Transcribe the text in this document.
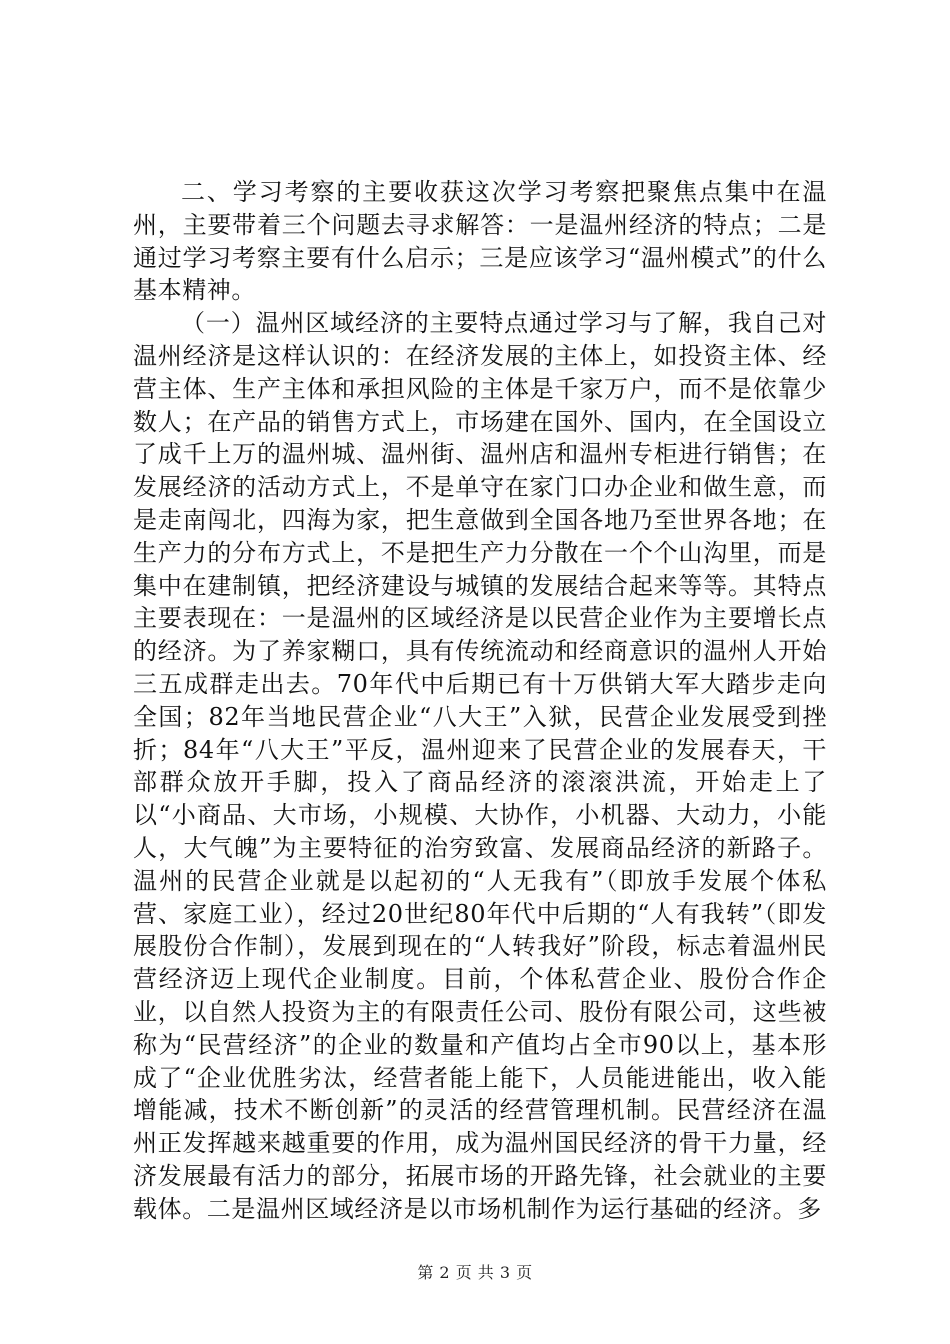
二、学习考察的主要收获这次学习考察把聚焦点集中在温州，主要带着三个问题去寻求解答：一是温州经济的特点；二是通过学习考察主要有什么启示；三是应该学习“温州模式”的什么基本精神。

（一）温州区域经济的主要特点通过学习与了解，我自己对温州经济是这样认识的：在经济发展的主体上，如投资主体、经营主体、生产主体和承担风险的主体是千家万户，而不是依靠少数人；在产品的销售方式上，市场建在国外、国内，在全国设立了成千上万的温州城、温州街、温州店和温州专柜进行销售；在发展经济的活动方式上，不是单守在家门口办企业和做生意，而是走南闯北，四海为家，把生意做到全国各地乃至世界各地；在生产力的分布方式上，不是把生产力分散在一个个山沟里，而是集中在建制镇，把经济建设与城镇的发展结合起来等等。其特点主要表现在：一是温州的区域经济是以民营企业作为主要增长点的经济。为了养家糊口，具有传统流动和经商意识的温州人开始三五成群走出去。70年代中后期已有十万供销大军大踏步走向全国；82年当地民营企业“八大王”入狱，民营企业发展受到挫折；84年“八大王”平反，温州迎来了民营企业的发展春天，干部群众放开手脚，投入了商品经济的滚滚洪流，开始走上了以“小商品、大市场，小规模、大协作，小机器、大动力，小能人，大气魄”为主要特征的治穷致富、发展商品经济的新路子。温州的民营企业就是以起初的“人无我有”（即放手发展个体私营、家庭工业），经过20世纪80年代中后期的“人有我转”（即发展股份合作制），发展到现在的“人转我好”阶段，标志着温州民营经济迈上现代企业制度。目前，个体私营企业、股份合作企业，以自然人投资为主的有限责任公司、股份有限公司，这些被称为“民营经济”的企业的数量和产值均占全市90以上，基本形成了“企业优胜劣汰，经营者能上能下，人员能进能出，收入能增能减，技术不断创新”的灵活的经营管理机制。民营经济在温州正发挥越来越重要的作用，成为温州国民经济的骨干力量，经济发展最有活力的部分，拓展市场的开路先锋，社会就业的主要载体。二是温州区域经济是以市场机制作为运行基础的经济。多

第 2 页 共 3 页
